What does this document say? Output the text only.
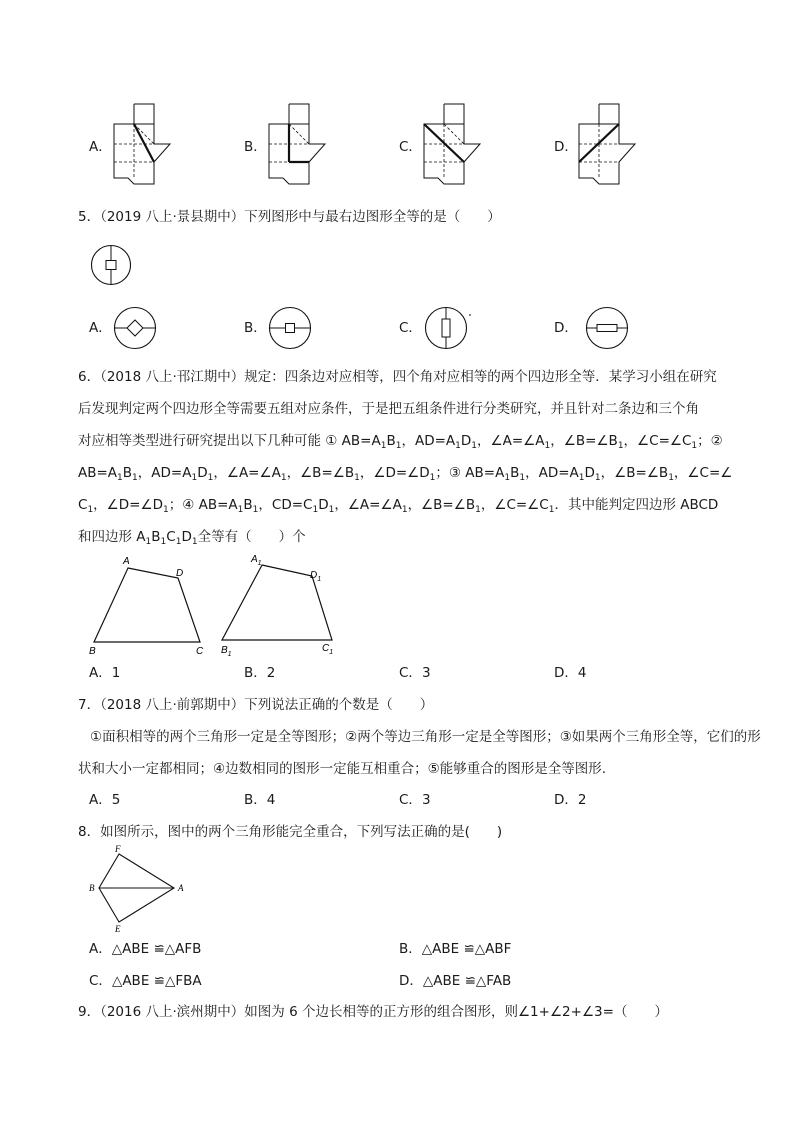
A．	B．	C．	D．
5．（2019 八上·景县期中）下列图形中与最右边图形全等的是（　　）
A．	B．	C．	D．
6．（2018 八上·邗江期中）规定：四条边对应相等，四个角对应相等的两个四边形全等．某学习小组在研究
后发现判定两个四边形全等需要五组对应条件，于是把五组条件进行分类研究，并且针对二条边和三个角
对应相等类型进行研究提出以下几种可能 ① $AB=A_1B_1$，$AD=A_1D_1$，$\angle A=\angle A_1$，$\angle B=\angle B_1$，$\angle C=\angle C_1$；②
$AB=A_1B_1$，$AD=A_1D_1$，$\angle A=\angle A_1$，$\angle B=\angle B_1$，$\angle D=\angle D_1$；③ $AB=A_1B_1$，$AD=A_1D_1$，$\angle B=\angle B_1$，∠C=∠
$C_1$，$\angle D=\angle D_1$；④ $AB=A_1B_1$，$CD=C_1D_1$，$\angle A=\angle A_1$，$\angle B=\angle B_1$，$\angle C=\angle C_1$．其中能判定四边形 ABCD
和四边形 $A_1B_1C_1D_1$全等有（　　）个
A
D
B	C
$A_1$
$D_1$
$B_1$
$C_1$
A．1	B．2	C．3	D．4
7．（2018 八上·前郭期中）下列说法正确的个数是（　　）
①面积相等的两个三角形一定是全等图形；②两个等边三角形一定是全等图形；③如果两个三角形全等，它们的形
状和大小一定都相同；④边数相同的图形一定能互相重合；⑤能够重合的图形是全等图形.
A．5	B．4	C．3	D．2
8．如图所示，图中的两个三角形能完全重合，下列写法正确的是(　　)
F
B	A
E
A．△ABE ≌△AFB	B．△ABE ≌△ABF
C．△ABE ≌△FBA	D．△ABE ≌△FAB
9．（2016 八上·滨州期中）如图为 6 个边长相等的正方形的组合图形，则∠1+∠2+∠3=（　　）
